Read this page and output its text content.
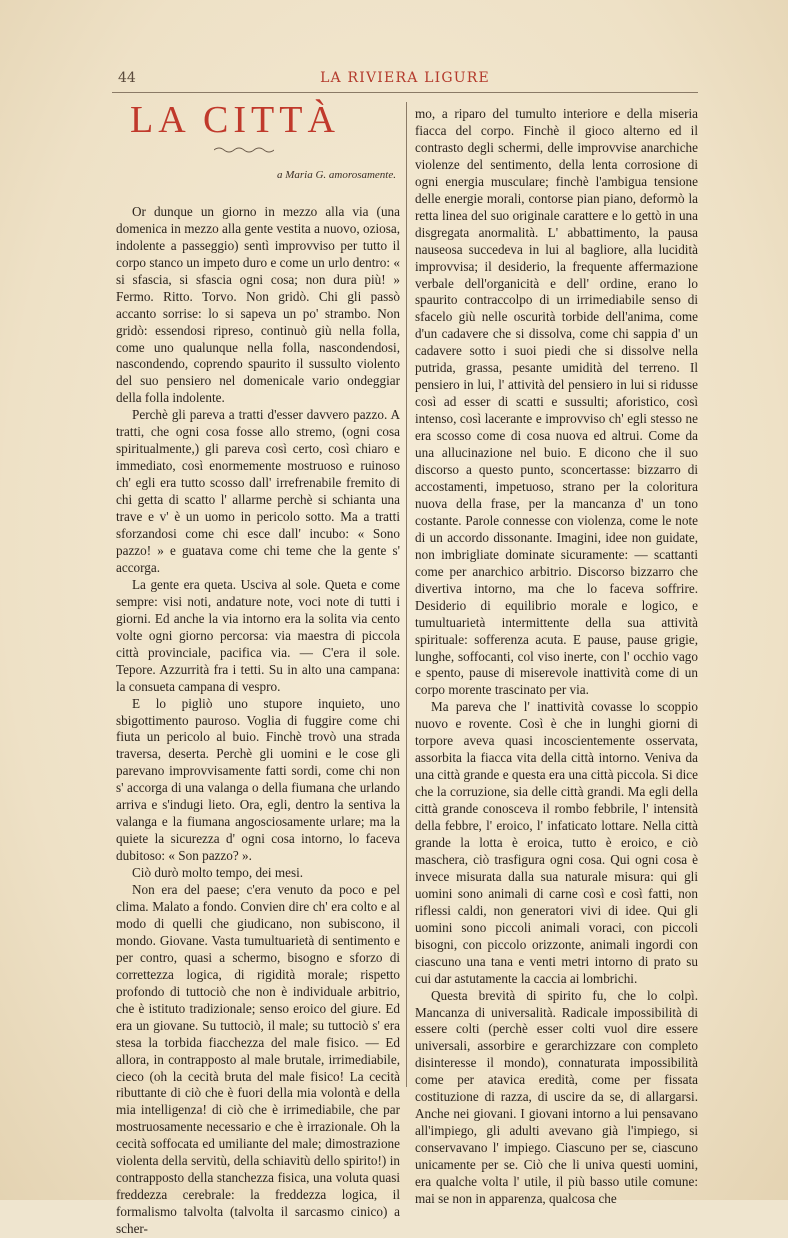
44	LA RIVIERA LIGURE
LA CITTÀ
a Maria G. amorosamente.

Or dunque un giorno in mezzo alla via (una domenica in mezzo alla gente vestita a nuovo, oziosa, indolente a passeggio) sentì improvviso per tutto il corpo stanco un impeto duro e come un urlo dentro: « si sfascia, si sfascia ogni cosa; non dura più! » Fermo. Ritto. Torvo. Non gridò. Chi gli passò accanto sorrise: lo si sapeva un po' strambo. Non gridò: essendosi ripreso, continuò giù nella folla, come uno qualunque nella folla, nascondendosi, nascondendo, coprendo spaurito il sussulto violento del suo pensiero nel domenicale vario ondeggiar della folla indolente.

Perchè gli pareva a tratti d'esser davvero pazzo. A tratti, che ogni cosa fosse allo stremo, (ogni cosa spiritualmente,) gli pareva così certo, così chiaro e immediato, così enormemente mostruoso e ruinoso ch' egli era tutto scosso dall' irrefrenabile fremito di chi getta di scatto l' allarme perchè si schianta una trave e v' è un uomo in pericolo sotto. Ma a tratti sforzandosi come chi esce dall' incubo: « Sono pazzo! » e guatava come chi teme che la gente s' accorga.

La gente era queta. Usciva al sole. Queta e come sempre: visi noti, andature note, voci note di tutti i giorni. Ed anche la via intorno era la solita via cento volte ogni giorno percorsa: via maestra di piccola città provinciale, pacifica via. — C'era il sole. Tepore. Azzurrità fra i tetti. Su in alto una campana: la consueta campana di vespro.

E lo pigliò uno stupore inquieto, uno sbigottimento pauroso. Voglia di fuggire come chi fiuta un pericolo al buio. Finchè trovò una strada traversa, deserta. Perchè gli uomini e le cose gli parevano improvvisamente fatti sordi, come chi non s' accorga di una valanga o della fiumana che urlando arriva e s'indugi lieto. Ora, egli, dentro la sentiva la valanga e la fiumana angosciosamente urlare; ma la quiete la sicurezza d' ogni cosa intorno, lo faceva dubitoso: « Son pazzo? ».

Ciò durò molto tempo, dei mesi.

Non era del paese; c'era venuto da poco e pel clima. Malato a fondo. Convien dire ch' era colto e al modo di quelli che giudicano, non subiscono, il mondo. Giovane. Vasta tumultuarietà di sentimento e per contro, quasi a schermo, bisogno e sforzo di correttezza logica, di rigidità morale; rispetto profondo di tuttociò che non è individuale arbitrio, che è istituto tradizionale; senso eroico del giure. Ed era un giovane. Su tuttociò, il male; su tuttociò s' era stesa la torbida fiacchezza del male fisico. — Ed allora, in contrapposto al male brutale, irrimediabile, cieco (oh la cecità bruta del male fisico! La cecità ributtante di ciò che è fuori della mia volontà e della mia intelligenza! di ciò che è irrimediabile, che par mostruosamente necessario e che è irrazionale. Oh la cecità soffocata ed umiliante del male; dimostrazione violenta della servitù, della schiavitù dello spirito!) in contrapposto della stanchezza fisica, una voluta quasi freddezza cerebrale: la freddezza logica, il formalismo talvolta (talvolta il sarcasmo cinico) a scher-

mo, a riparo del tumulto interiore e della miseria fiacca del corpo. Finchè il gioco alterno ed il contrasto degli schermi, delle improvvise anarchiche violenze del sentimento, della lenta corrosione di ogni energia musculare; finchè l'ambigua tensione delle energie morali, contorse pian piano, deformò la retta linea del suo originale carattere e lo gettò in una disgregata anormalità. L' abbattimento, la pausa nauseosa succedeva in lui al bagliore, alla lucidità improvvisa; il desiderio, la frequente affermazione verbale dell'organicità e dell' ordine, erano lo spaurito contraccolpo di un irrimediabile senso di sfacelo giù nelle oscurità torbide dell'anima, come d'un cadavere che si dissolva, come chi sappia d' un cadavere sotto i suoi piedi che si dissolve nella putrida, grassa, pesante umidità del terreno. Il pensiero in lui, l' attività del pensiero in lui si ridusse così ad esser di scatti e sussulti; aforistico, così intenso, così lacerante e improvviso ch' egli stesso ne era scosso come di cosa nuova ed altrui. Come da una allucinazione nel buio. E dicono che il suo discorso a questo punto, sconcertasse: bizzarro di accostamenti, impetuoso, strano per la coloritura nuova della frase, per la mancanza d' un tono costante. Parole connesse con violenza, come le note di un accordo dissonante. Imagini, idee non guidate, non imbrigliate dominate sicuramente: — scattanti come per anarchico arbitrio. Discorso bizzarro che divertiva intorno, ma che lo faceva soffrire. Desiderio di equilibrio morale e logico, e tumultuarietà intermittente della sua attività spirituale: sofferenza acuta. E pause, pause grigie, lunghe, soffocanti, col viso inerte, con l' occhio vago e spento, pause di miserevole inattività come di un corpo morente trascinato per via.

Ma pareva che l' inattività covasse lo scoppio nuovo e rovente. Così è che in lunghi giorni di torpore aveva quasi incoscientemente osservata, assorbita la fiacca vita della città intorno. Veniva da una città grande e questa era una città piccola. Si dice che la corruzione, sia delle città grandi. Ma egli della città grande conosceva il rombo febbrile, l' intensità della febbre, l' eroico, l' infaticato lottare. Nella città grande la lotta è eroica, tutto è eroico, e ciò maschera, ciò trasfigura ogni cosa. Qui ogni cosa è invece misurata dalla sua naturale misura: qui gli uomini sono animali di carne così e così fatti, non riflessi caldi, non generatori vivi di idee. Qui gli uomini sono piccoli animali voraci, con piccoli bisogni, con piccolo orizzonte, animali ingordi con ciascuno una tana e venti metri intorno di prato su cui dar astutamente la caccia ai lombrichi.

Questa brevità di spirito fu, che lo colpì. Mancanza di universalità. Radicale impossibilità di essere colti (perchè esser colti vuol dire essere universali, assorbire e gerarchizzare con completo disinteresse il mondo), connaturata impossibilità come per atavica eredità, come per fissata costituzione di razza, di uscire da se, di allargarsi. Anche nei giovani. I giovani intorno a lui pensavano all'impiego, gli adulti avevano già l'impiego, si conservavano l' impiego. Ciascuno per se, ciascuno unicamente per se. Ciò che li univa questi uomini, era qualche volta l' utile, il più basso utile comune: mai se non in apparenza, qualcosa che
